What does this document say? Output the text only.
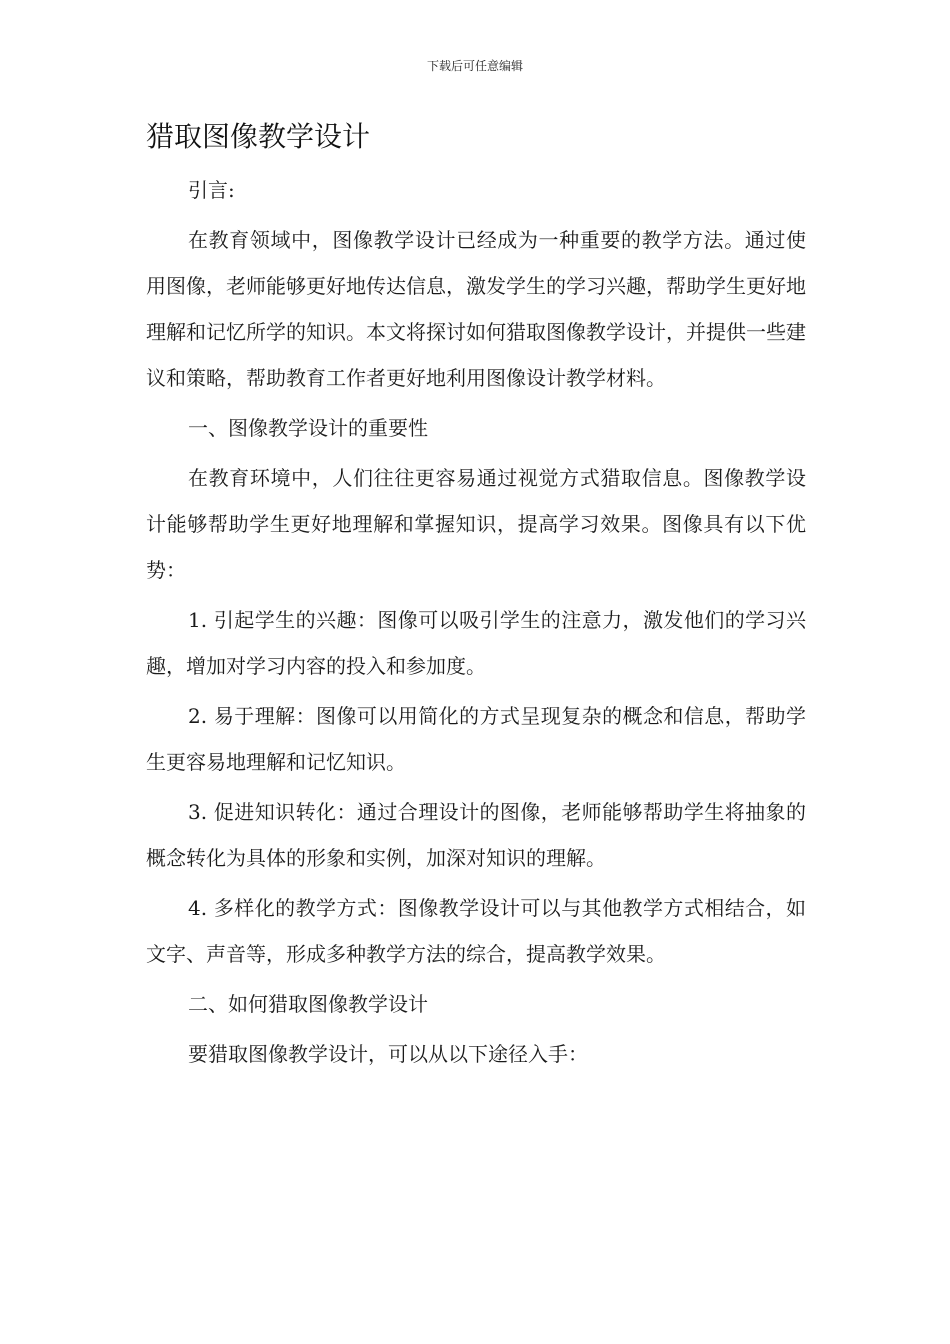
下载后可任意编辑
猎取图像教学设计

引言:

在教育领域中，图像教学设计已经成为一种重要的教学方法。通过使用图像，老师能够更好地传达信息，激发学生的学习兴趣，帮助学生更好地理解和记忆所学的知识。本文将探讨如何猎取图像教学设计，并提供一些建议和策略，帮助教育工作者更好地利用图像设计教学材料。

一、图像教学设计的重要性

在教育环境中，人们往往更容易通过视觉方式猎取信息。图像教学设计能够帮助学生更好地理解和掌握知识，提高学习效果。图像具有以下优势：

1. 引起学生的兴趣：图像可以吸引学生的注意力，激发他们的学习兴趣，增加对学习内容的投入和参加度。

2. 易于理解：图像可以用简化的方式呈现复杂的概念和信息，帮助学生更容易地理解和记忆知识。

3. 促进知识转化：通过合理设计的图像，老师能够帮助学生将抽象的概念转化为具体的形象和实例，加深对知识的理解。

4. 多样化的教学方式：图像教学设计可以与其他教学方式相结合，如文字、声音等，形成多种教学方法的综合，提高教学效果。

二、如何猎取图像教学设计

要猎取图像教学设计，可以从以下途径入手：
